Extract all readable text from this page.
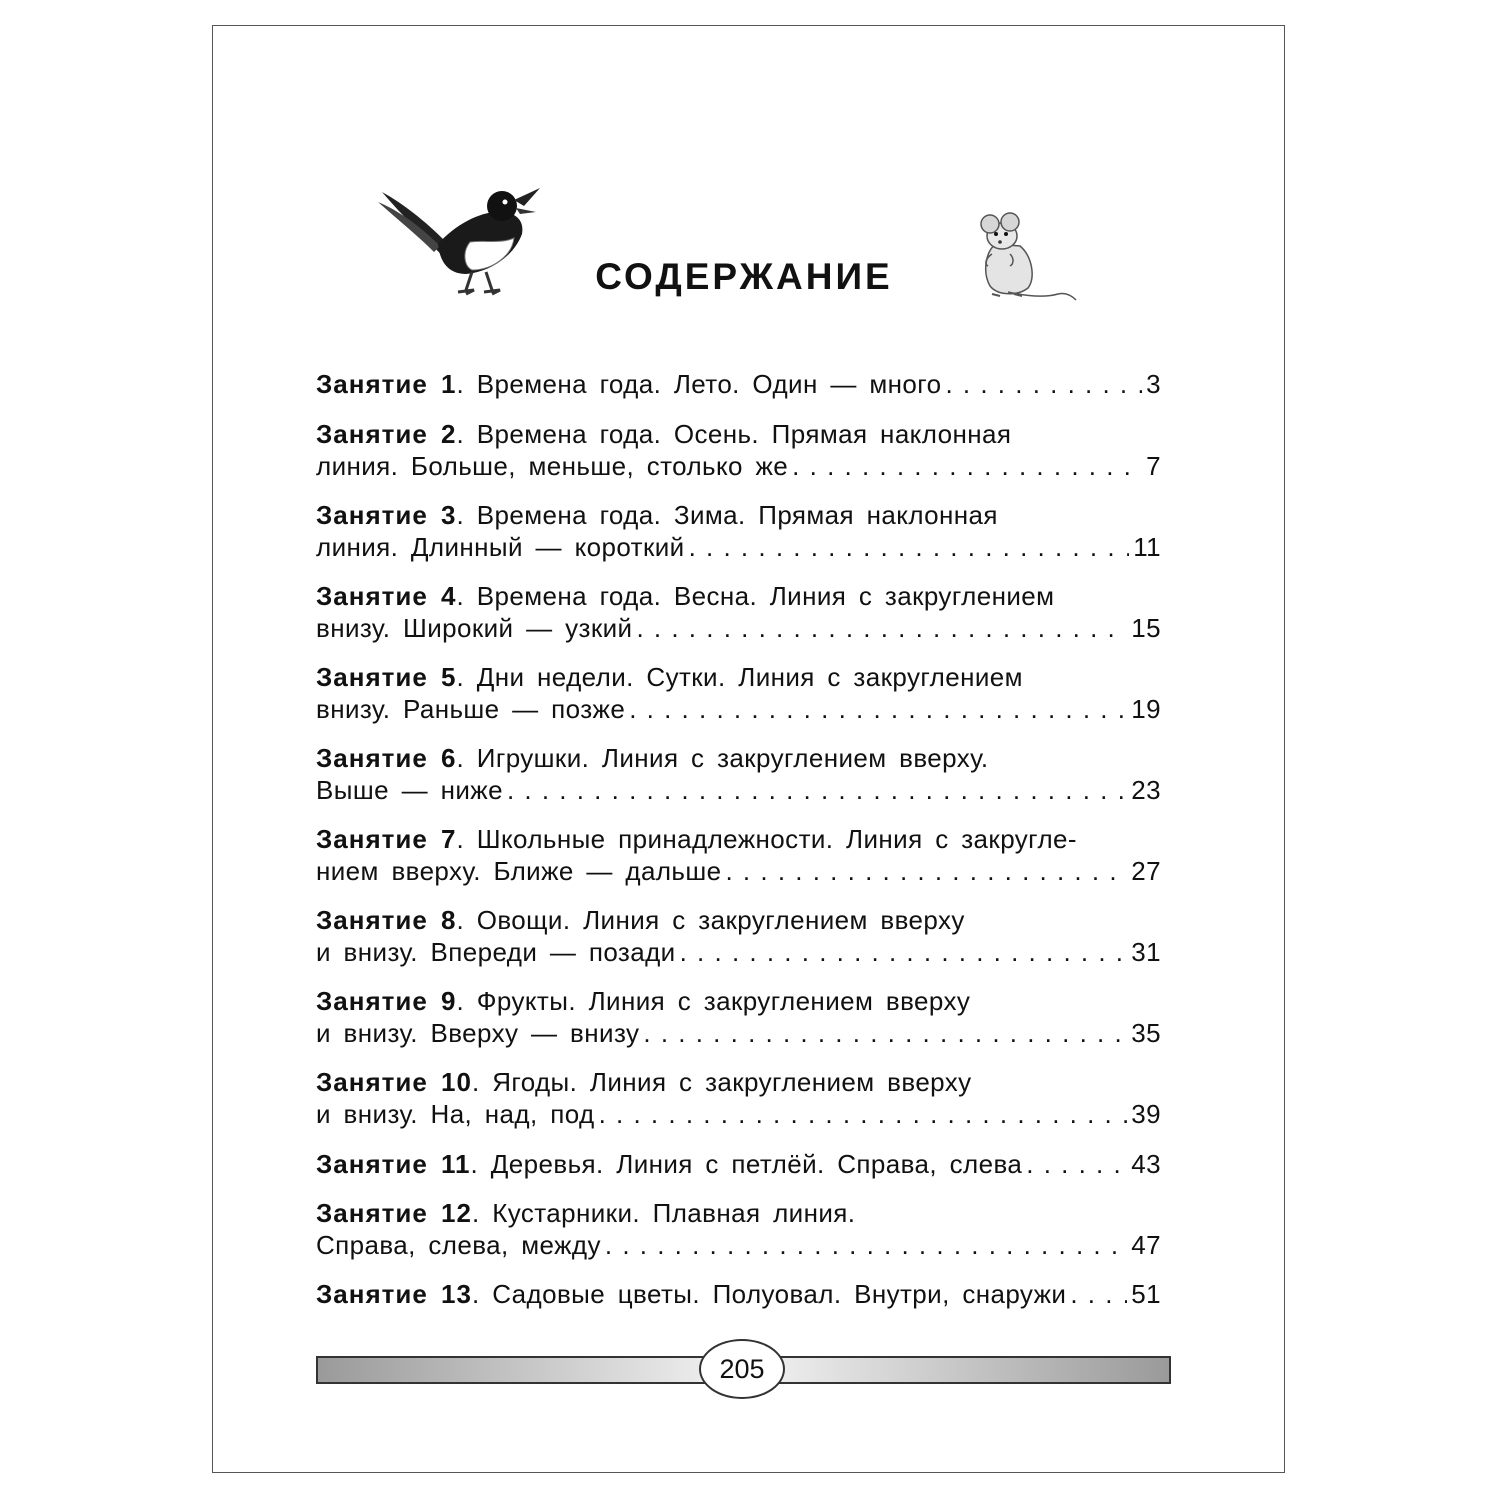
СОДЕРЖАНИЕ
Занятие 1. Времена года. Лето. Один — много . . .	3
Занятие 2. Времена года. Осень. Прямая наклонная
линия. Больше, меньше, столько же . . .	7
Занятие 3. Времена года. Зима. Прямая наклонная
линия. Длинный — короткий . . .	11
Занятие 4. Времена года. Весна. Линия с закруглением
внизу. Широкий — узкий . . .	15
Занятие 5. Дни недели. Сутки. Линия с закруглением
внизу. Раньше — позже . . .	19
Занятие 6. Игрушки. Линия с закруглением вверху.
Выше — ниже . . .	23
Занятие 7. Школьные принадлежности. Линия с закругле-
нием вверху. Ближе — дальше . . .	27
Занятие 8. Овощи. Линия с закруглением вверху
и внизу. Впереди — позади . . .	31
Занятие 9. Фрукты. Линия с закруглением вверху
и внизу. Вверху — внизу . . .	35
Занятие 10. Ягоды. Линия с закруглением вверху
и внизу. На, над, под . . .	39
Занятие 11. Деревья. Линия с петлёй. Справа, слева . . .	43
Занятие 12. Кустарники. Плавная линия.
Справа, слева, между . . .	47
Занятие 13. Садовые цветы. Полуовал. Внутри, снаружи . . . 51
205
